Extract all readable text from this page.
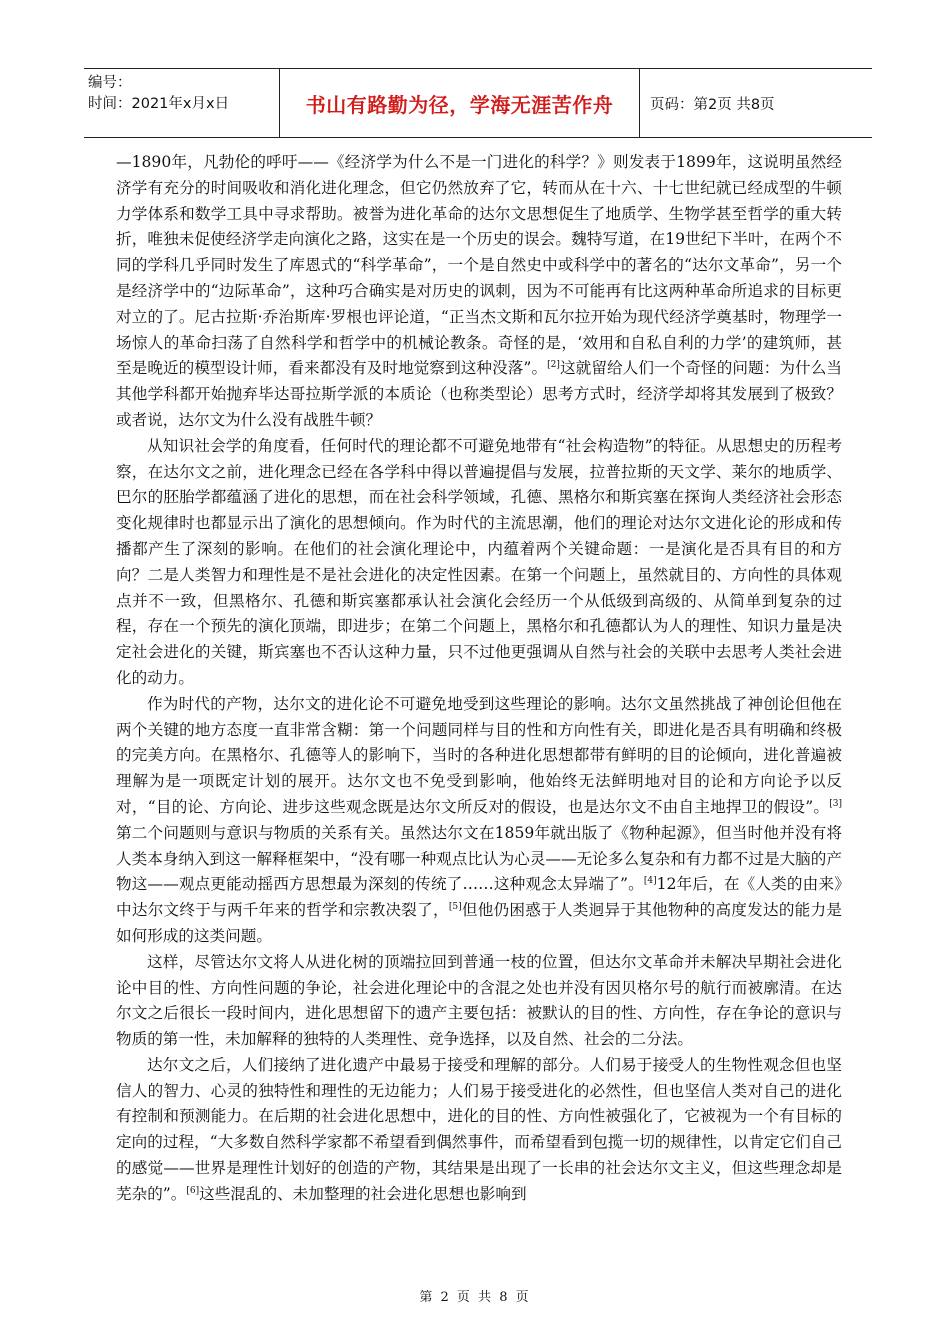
编号：
时间：2021年x月x日	书山有路勤为径，学海无涯苦作舟	页码：第2页 共8页

—1890年，凡勃伦的呼吁——《经济学为什么不是一门进化的科学？》则发表于1899年，这说明虽然经济学有充分的时间吸收和消化进化理念，但它仍然放弃了它，转而从在十六、十七世纪就已经成型的牛顿力学体系和数学工具中寻求帮助。被誉为进化革命的达尔文思想促生了地质学、生物学甚至哲学的重大转折，唯独未促使经济学走向演化之路，这实在是一个历史的误会。魏特写道，在19世纪下半叶，在两个不同的学科几乎同时发生了库恩式的“科学革命”，一个是自然史中或科学中的著名的“达尔文革命”，另一个是经济学中的“边际革命”，这种巧合确实是对历史的讽刺，因为不可能再有比这两种革命所追求的目标更对立的了。尼古拉斯·乔治斯库·罗根也评论道，“正当杰文斯和瓦尔拉开始为现代经济学奠基时，物理学一场惊人的革命扫荡了自然科学和哲学中的机械论教条。奇怪的是，‘效用和自私自利的力学’的建筑师，甚至是晚近的模型设计师，看来都没有及时地觉察到这种没落”。[2]这就留给人们一个奇怪的问题：为什么当其他学科都开始抛弃毕达哥拉斯学派的本质论（也称类型论）思考方式时，经济学却将其发展到了极致？或者说，达尔文为什么没有战胜牛顿？

从知识社会学的角度看，任何时代的理论都不可避免地带有“社会构造物”的特征。从思想史的历程考察，在达尔文之前，进化理念已经在各学科中得以普遍提倡与发展，拉普拉斯的天文学、莱尔的地质学、巴尔的胚胎学都蕴涵了进化的思想，而在社会科学领域，孔德、黑格尔和斯宾塞在探询人类经济社会形态变化规律时也都显示出了演化的思想倾向。作为时代的主流思潮，他们的理论对达尔文进化论的形成和传播都产生了深刻的影响。在他们的社会演化理论中，内蕴着两个关键命题：一是演化是否具有目的和方向？二是人类智力和理性是不是社会进化的决定性因素。在第一个问题上，虽然就目的、方向性的具体观点并不一致，但黑格尔、孔德和斯宾塞都承认社会演化会经历一个从低级到高级的、从简单到复杂的过程，存在一个预先的演化顶端，即进步；在第二个问题上，黑格尔和孔德都认为人的理性、知识力量是决定社会进化的关键，斯宾塞也不否认这种力量，只不过他更强调从自然与社会的关联中去思考人类社会进化的动力。

作为时代的产物，达尔文的进化论不可避免地受到这些理论的影响。达尔文虽然挑战了神创论但他在两个关键的地方态度一直非常含糊：第一个问题同样与目的性和方向性有关，即进化是否具有明确和终极的完美方向。在黑格尔、孔德等人的影响下，当时的各种进化思想都带有鲜明的目的论倾向，进化普遍被理解为是一项既定计划的展开。达尔文也不免受到影响，他始终无法鲜明地对目的论和方向论予以反对，“目的论、方向论、进步这些观念既是达尔文所反对的假设，也是达尔文不由自主地捍卫的假设”。[3]第二个问题则与意识与物质的关系有关。虽然达尔文在1859年就出版了《物种起源》，但当时他并没有将人类本身纳入到这一解释框架中，“没有哪一种观点比认为心灵——无论多么复杂和有力都不过是大脑的产物这——观点更能动摇西方思想最为深刻的传统了……这种观念太异端了”。[4]12年后，在《人类的由来》中达尔文终于与两千年来的哲学和宗教决裂了，[5]但他仍困惑于人类迥异于其他物种的高度发达的能力是如何形成的这类问题。

这样，尽管达尔文将人从进化树的顶端拉回到普通一枝的位置，但达尔文革命并未解决早期社会进化论中目的性、方向性问题的争论，社会进化理论中的含混之处也并没有因贝格尔号的航行而被廓清。在达尔文之后很长一段时间内，进化思想留下的遗产主要包括：被默认的目的性、方向性，存在争论的意识与物质的第一性，未加解释的独特的人类理性、竞争选择，以及自然、社会的二分法。

达尔文之后，人们接纳了进化遗产中最易于接受和理解的部分。人们易于接受人的生物性观念但也坚信人的智力、心灵的独特性和理性的无边能力；人们易于接受进化的必然性，但也坚信人类对自己的进化有控制和预测能力。在后期的社会进化思想中，进化的目的性、方向性被强化了，它被视为一个有目标的定向的过程，“大多数自然科学家都不希望看到偶然事件，而希望看到包揽一切的规律性，以肯定它们自己的感觉——世界是理性计划好的创造的产物，其结果是出现了一长串的社会达尔文主义，但这些理念却是芜杂的”。[6]这些混乱的、未加整理的社会进化思想也影响到

第 2 页 共 8 页
